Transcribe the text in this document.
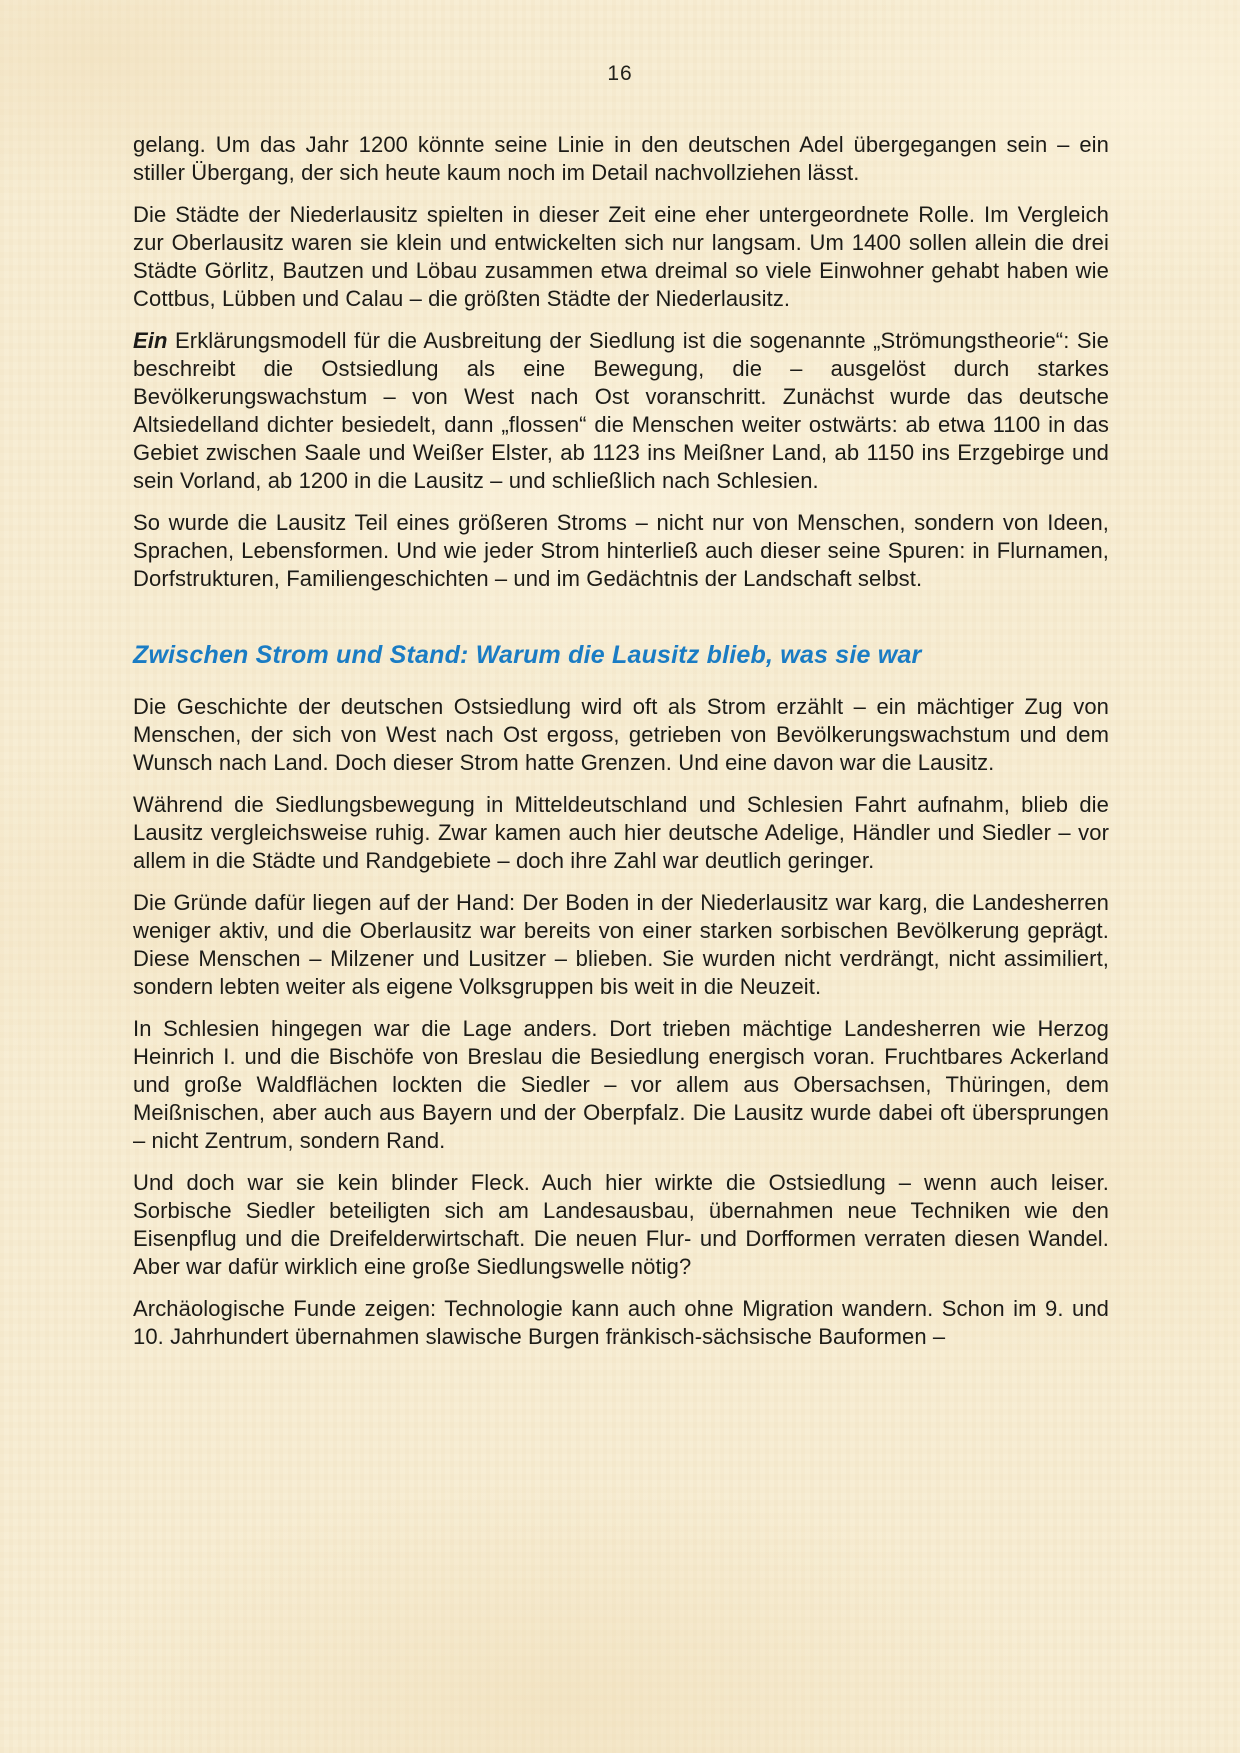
16

gelang. Um das Jahr 1200 könnte seine Linie in den deutschen Adel übergegangen sein – ein stiller Übergang, der sich heute kaum noch im Detail nachvollziehen lässt.

Die Städte der Niederlausitz spielten in dieser Zeit eine eher untergeordnete Rolle. Im Vergleich zur Oberlausitz waren sie klein und entwickelten sich nur langsam. Um 1400 sollen allein die drei Städte Görlitz, Bautzen und Löbau zusammen etwa dreimal so viele Einwohner gehabt haben wie Cottbus, Lübben und Calau – die größten Städte der Niederlausitz.

Ein Erklärungsmodell für die Ausbreitung der Siedlung ist die sogenannte „Strömungstheorie“: Sie beschreibt die Ostsiedlung als eine Bewegung, die – ausgelöst durch starkes Bevölkerungswachstum – von West nach Ost voranschritt. Zunächst wurde das deutsche Altsiedelland dichter besiedelt, dann „flossen“ die Menschen weiter ostwärts: ab etwa 1100 in das Gebiet zwischen Saale und Weißer Elster, ab 1123 ins Meißner Land, ab 1150 ins Erzgebirge und sein Vorland, ab 1200 in die Lausitz – und schließlich nach Schlesien.

So wurde die Lausitz Teil eines größeren Stroms – nicht nur von Menschen, sondern von Ideen, Sprachen, Lebensformen. Und wie jeder Strom hinterließ auch dieser seine Spuren: in Flurnamen, Dorfstrukturen, Familiengeschichten – und im Gedächtnis der Landschaft selbst.

Zwischen Strom und Stand: Warum die Lausitz blieb, was sie war

Die Geschichte der deutschen Ostsiedlung wird oft als Strom erzählt – ein mächtiger Zug von Menschen, der sich von West nach Ost ergoss, getrieben von Bevölkerungswachstum und dem Wunsch nach Land. Doch dieser Strom hatte Grenzen. Und eine davon war die Lausitz.

Während die Siedlungsbewegung in Mitteldeutschland und Schlesien Fahrt aufnahm, blieb die Lausitz vergleichsweise ruhig. Zwar kamen auch hier deutsche Adelige, Händler und Siedler – vor allem in die Städte und Randgebiete – doch ihre Zahl war deutlich geringer.

Die Gründe dafür liegen auf der Hand: Der Boden in der Niederlausitz war karg, die Landesherren weniger aktiv, und die Oberlausitz war bereits von einer starken sorbischen Bevölkerung geprägt. Diese Menschen – Milzener und Lusitzer – blieben. Sie wurden nicht verdrängt, nicht assimiliert, sondern lebten weiter als eigene Volksgruppen bis weit in die Neuzeit.

In Schlesien hingegen war die Lage anders. Dort trieben mächtige Landesherren wie Herzog Heinrich I. und die Bischöfe von Breslau die Besiedlung energisch voran. Fruchtbares Ackerland und große Waldflächen lockten die Siedler – vor allem aus Obersachsen, Thüringen, dem Meißnischen, aber auch aus Bayern und der Oberpfalz. Die Lausitz wurde dabei oft übersprungen – nicht Zentrum, sondern Rand.

Und doch war sie kein blinder Fleck. Auch hier wirkte die Ostsiedlung – wenn auch leiser. Sorbische Siedler beteiligten sich am Landesausbau, übernahmen neue Techniken wie den Eisenpflug und die Dreifelderwirtschaft. Die neuen Flur- und Dorfformen verraten diesen Wandel. Aber war dafür wirklich eine große Siedlungswelle nötig?

Archäologische Funde zeigen: Technologie kann auch ohne Migration wandern. Schon im 9. und 10. Jahrhundert übernahmen slawische Burgen fränkisch-sächsische Bauformen –
